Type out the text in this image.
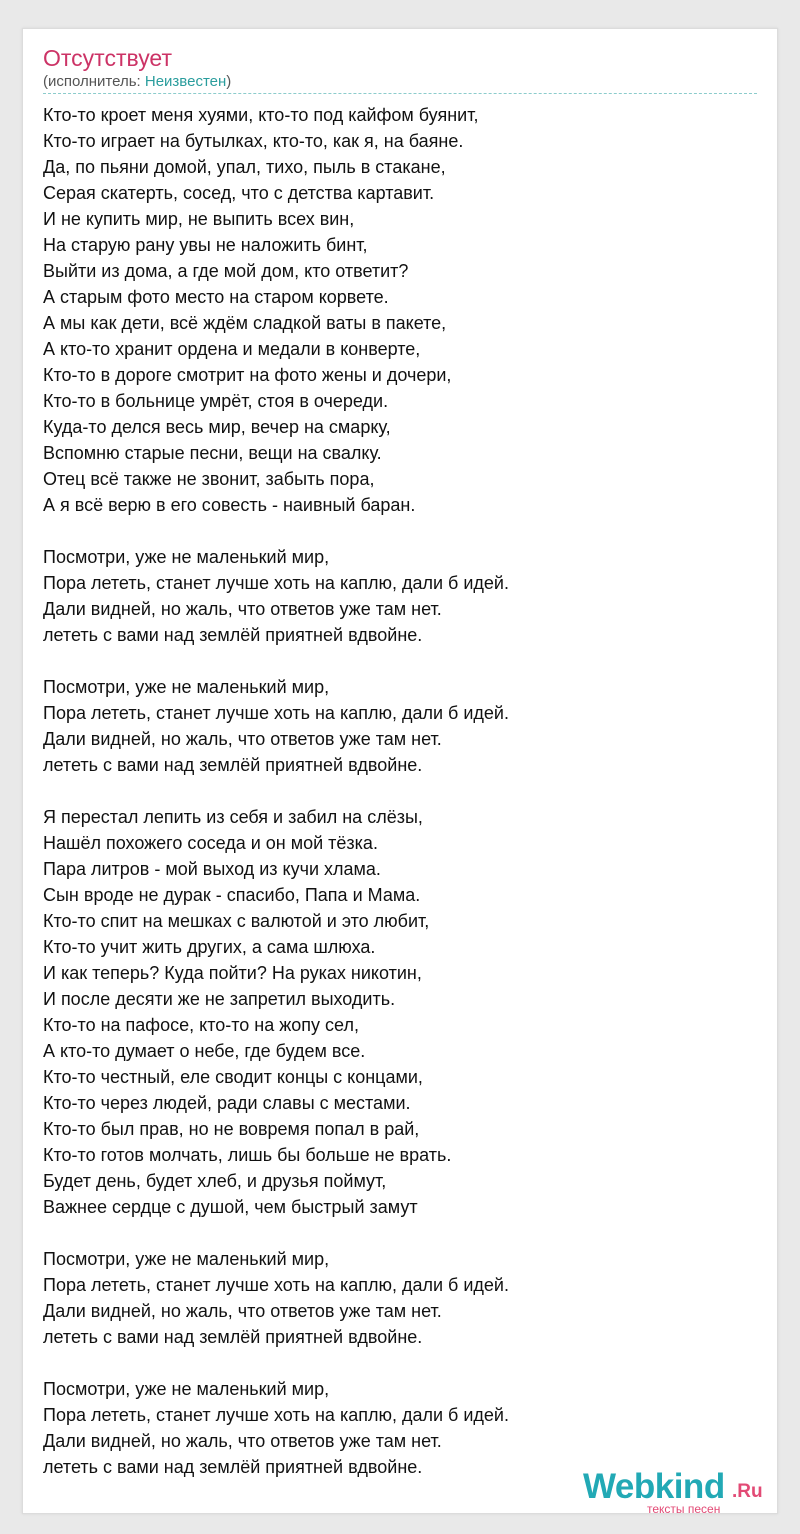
Отсутствует
(исполнитель: Неизвестен)
Кто-то кроет меня хуями, кто-то под кайфом буянит,
Кто-то играет на бутылках, кто-то, как я, на баяне.
Да, по пьяни домой, упал, тихо, пыль в стакане,
Серая скатерть, сосед, что с детства картавит.
И не купить мир, не выпить всех вин,
На старую рану увы не наложить бинт,
Выйти из дома, а где мой дом, кто ответит?
А старым фото место на старом корвете.
А мы как дети, всё ждём сладкой ваты в пакете,
А кто-то хранит ордена и медали в конверте,
Кто-то в дороге смотрит на фото жены и дочери,
Кто-то в больнице умрёт, стоя в очереди.
Куда-то делся весь мир, вечер на смарку,
Вспомню старые песни, вещи на свалку.
Отец всё также не звонит, забыть пора,
А я всё верю в его совесть - наивный баран.
Посмотри, уже не маленький мир,
Пора лететь, станет лучше хоть на каплю, дали б идей.
Дали видней, но жаль, что ответов уже там нет.
лететь с вами над землёй приятней вдвойне.
Посмотри, уже не маленький мир,
Пора лететь, станет лучше хоть на каплю, дали б идей.
Дали видней, но жаль, что ответов уже там нет.
лететь с вами над землёй приятней вдвойне.
Я перестал лепить из себя и забил на слёзы,
Нашёл похожего соседа и он мой тёзка.
Пара литров - мой выход из кучи хлама.
Сын вроде не дурак - спасибо, Папа и Мама.
Кто-то спит на мешках с валютой и это любит,
Кто-то учит жить других, а сама шлюха.
И как теперь? Куда пойти? На руках никотин,
И после десяти же не запретил выходить.
Кто-то на пафосе, кто-то на жопу сел,
А кто-то думает о небе, где будем все.
Кто-то честный, еле сводит концы с концами,
Кто-то через людей, ради славы с местами.
Кто-то был прав, но не вовремя попал в рай,
Кто-то готов молчать, лишь бы больше не врать.
Будет день, будет хлеб, и друзья поймут,
Важнее сердце с душой, чем быстрый замут
Посмотри, уже не маленький мир,
Пора лететь, станет лучше хоть на каплю, дали б идей.
Дали видней, но жаль, что ответов уже там нет.
лететь с вами над землёй приятней вдвойне.
Посмотри, уже не маленький мир,
Пора лететь, станет лучше хоть на каплю, дали б идей.
Дали видней, но жаль, что ответов уже там нет.
лететь с вами над землёй приятней вдвойне.	Webkind .Ru
тексты песен
